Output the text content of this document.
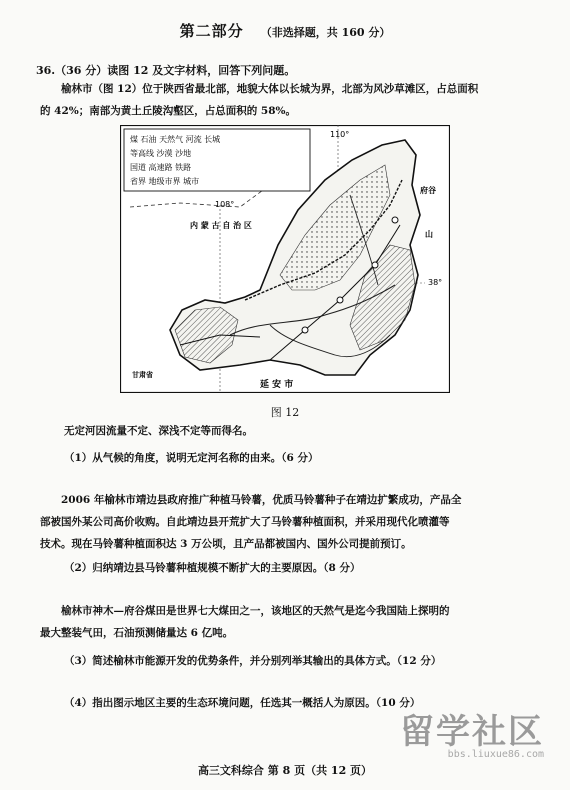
第二部分 （非选择题，共 160 分）
36.（36 分）读图 12 及文字材料，回答下列问题。
榆林市（图 12）位于陕西省最北部，地貌大体以长城为界，北部为风沙草滩区，占总面积
的 42%；南部为黄土丘陵沟壑区，占总面积的 58%。
煤 石油 天然气 河流 长城
等高线 沙漠 沙地
国道 高速路 铁路
省界 地级市界 城市
110°
108°
38°
内 蒙 古 自 治 区
延 安 市
甘肃省
府谷
山
图 12
无定河因流量不定、深浅不定等而得名。
（1）从气候的角度，说明无定河名称的由来。（6 分）
2006 年榆林市靖边县政府推广种植马铃薯，优质马铃薯种子在靖边扩繁成功，产品全
部被国外某公司高价收购。自此靖边县开荒扩大了马铃薯种植面积，并采用现代化喷灌等
技术。现在马铃薯种植面积达 3 万公顷，且产品都被国内、国外公司提前预订。
（2）归纳靖边县马铃薯种植规模不断扩大的主要原因。（8 分）
榆林市神木—府谷煤田是世界七大煤田之一，该地区的天然气是迄今我国陆上探明的
最大整装气田，石油预测储量达 6 亿吨。
（3）简述榆林市能源开发的优势条件，并分别列举其输出的具体方式。（12 分）
（4）指出图示地区主要的生态环境问题，任选其一概括人为原因。（10 分）
留学社区
bbs.liuxue86.com
高三文科综合 第 8 页（共 12 页）
